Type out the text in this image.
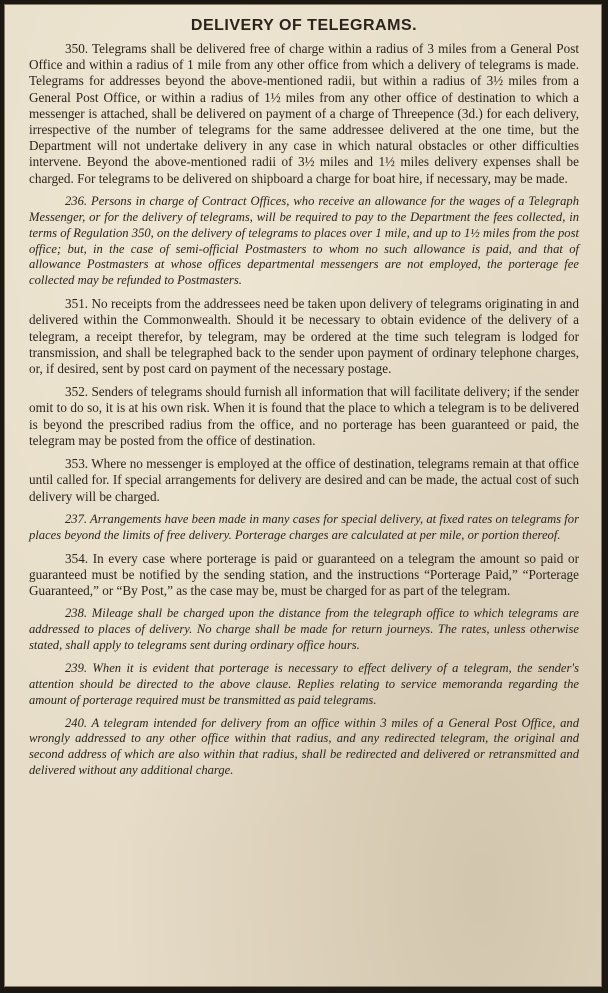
DELIVERY OF TELEGRAMS.

350. Telegrams shall be delivered free of charge within a radius of 3 miles from a General Post Office and within a radius of 1 mile from any other office from which a delivery of telegrams is made. Telegrams for addresses beyond the above-mentioned radii, but within a radius of 3½ miles from a General Post Office, or within a radius of 1½ miles from any other office of destination to which a messenger is attached, shall be delivered on payment of a charge of Threepence (3d.) for each delivery, irrespective of the number of telegrams for the same addressee delivered at the one time, but the Department will not undertake delivery in any case in which natural obstacles or other difficulties intervene. Beyond the above-mentioned radii of 3½ miles and 1½ miles delivery expenses shall be charged. For telegrams to be delivered on shipboard a charge for boat hire, if necessary, may be made.

236. Persons in charge of Contract Offices, who receive an allowance for the wages of a Telegraph Messenger, or for the delivery of telegrams, will be required to pay to the Department the fees collected, in terms of Regulation 350, on the delivery of telegrams to places over 1 mile, and up to 1½ miles from the post office; but, in the case of semi-official Postmasters to whom no such allowance is paid, and that of allowance Postmasters at whose offices departmental messengers are not employed, the porterage fee collected may be refunded to Postmasters.

351. No receipts from the addressees need be taken upon delivery of telegrams originating in and delivered within the Commonwealth. Should it be necessary to obtain evidence of the delivery of a telegram, a receipt therefor, by telegram, may be ordered at the time such telegram is lodged for transmission, and shall be telegraphed back to the sender upon payment of ordinary telephone charges, or, if desired, sent by post card on payment of the necessary postage.

352. Senders of telegrams should furnish all information that will facilitate delivery; if the sender omit to do so, it is at his own risk. When it is found that the place to which a telegram is to be delivered is beyond the prescribed radius from the office, and no porterage has been guaranteed or paid, the telegram may be posted from the office of destination.

353. Where no messenger is employed at the office of destination, telegrams remain at that office until called for. If special arrangements for delivery are desired and can be made, the actual cost of such delivery will be charged.

237. Arrangements have been made in many cases for special delivery, at fixed rates on telegrams for places beyond the limits of free delivery. Porterage charges are calculated at per mile, or portion thereof.

354. In every case where porterage is paid or guaranteed on a telegram the amount so paid or guaranteed must be notified by the sending station, and the instructions “Porterage Paid,” “Porterage Guaranteed,” or “By Post,” as the case may be, must be charged for as part of the telegram.

238. Mileage shall be charged upon the distance from the telegraph office to which telegrams are addressed to places of delivery. No charge shall be made for return journeys. The rates, unless otherwise stated, shall apply to telegrams sent during ordinary office hours.

239. When it is evident that porterage is necessary to effect delivery of a telegram, the sender's attention should be directed to the above clause. Replies relating to service memoranda regarding the amount of porterage required must be transmitted as paid telegrams.

240. A telegram intended for delivery from an office within 3 miles of a General Post Office, and wrongly addressed to any other office within that radius, and any redirected telegram, the original and second address of which are also within that radius, shall be redirected and delivered or retransmitted and delivered without any additional charge.
